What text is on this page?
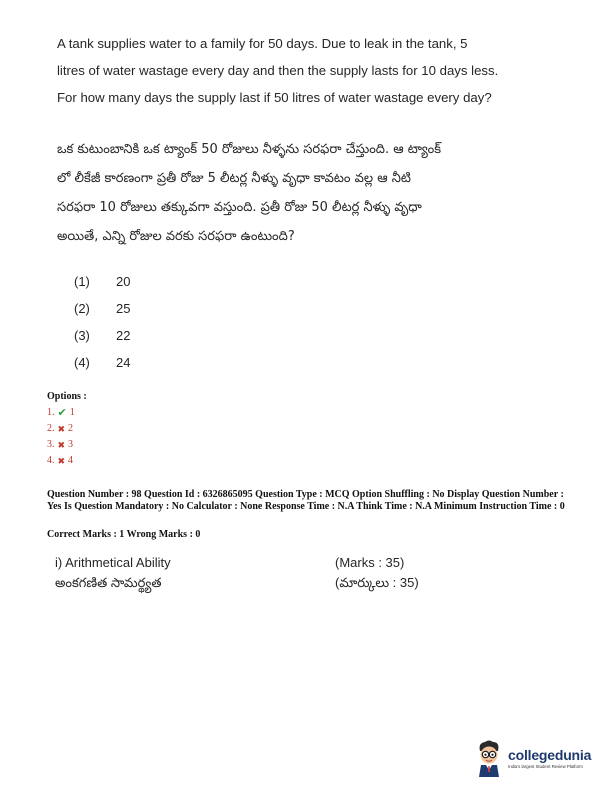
A tank supplies water to a family for 50 days. Due to leak in the tank, 5
litres of water wastage every day and then the supply lasts for 10 days less.
For how many days the supply last if 50 litres of water wastage every day?
ఒక కుటుంబానికి ఒక ట్యాంక్ 50 రోజులు నీళ్ళను సరఫరా చేస్తుంది. ఆ ట్యాంక్
లో లీకేజీ కారణంగా ప్రతీ రోజు 5 లీటర్ల నీళ్ళు వృధా కావటం వల్ల ఆ నీటి
సరఫరా 10 రోజులు తక్కువగా వస్తుంది. ప్రతీ రోజు 50 లీటర్ల నీళ్ళు వృధా
అయితే, ఎన్ని రోజుల వరకు సరఫరా ఉంటుంది?
(1)	20
(2)	25
(3)	22
(4)	24
Options :
1. ✔ 1
2. ✖ 2
3. ✖ 3
4. ✖ 4
Question Number : 98 Question Id : 6326865095 Question Type : MCQ Option Shuffling : No Display Question Number : Yes Is Question Mandatory : No Calculator : None Response Time : N.A Think Time : N.A Minimum Instruction Time : 0
Correct Marks : 1 Wrong Marks : 0
i) Arithmetical Ability	(Marks : 35)
అంకగణిత సామర్థ్యత	(మార్కులు : 35)
collegedunia
India's largest Student Review Platform
